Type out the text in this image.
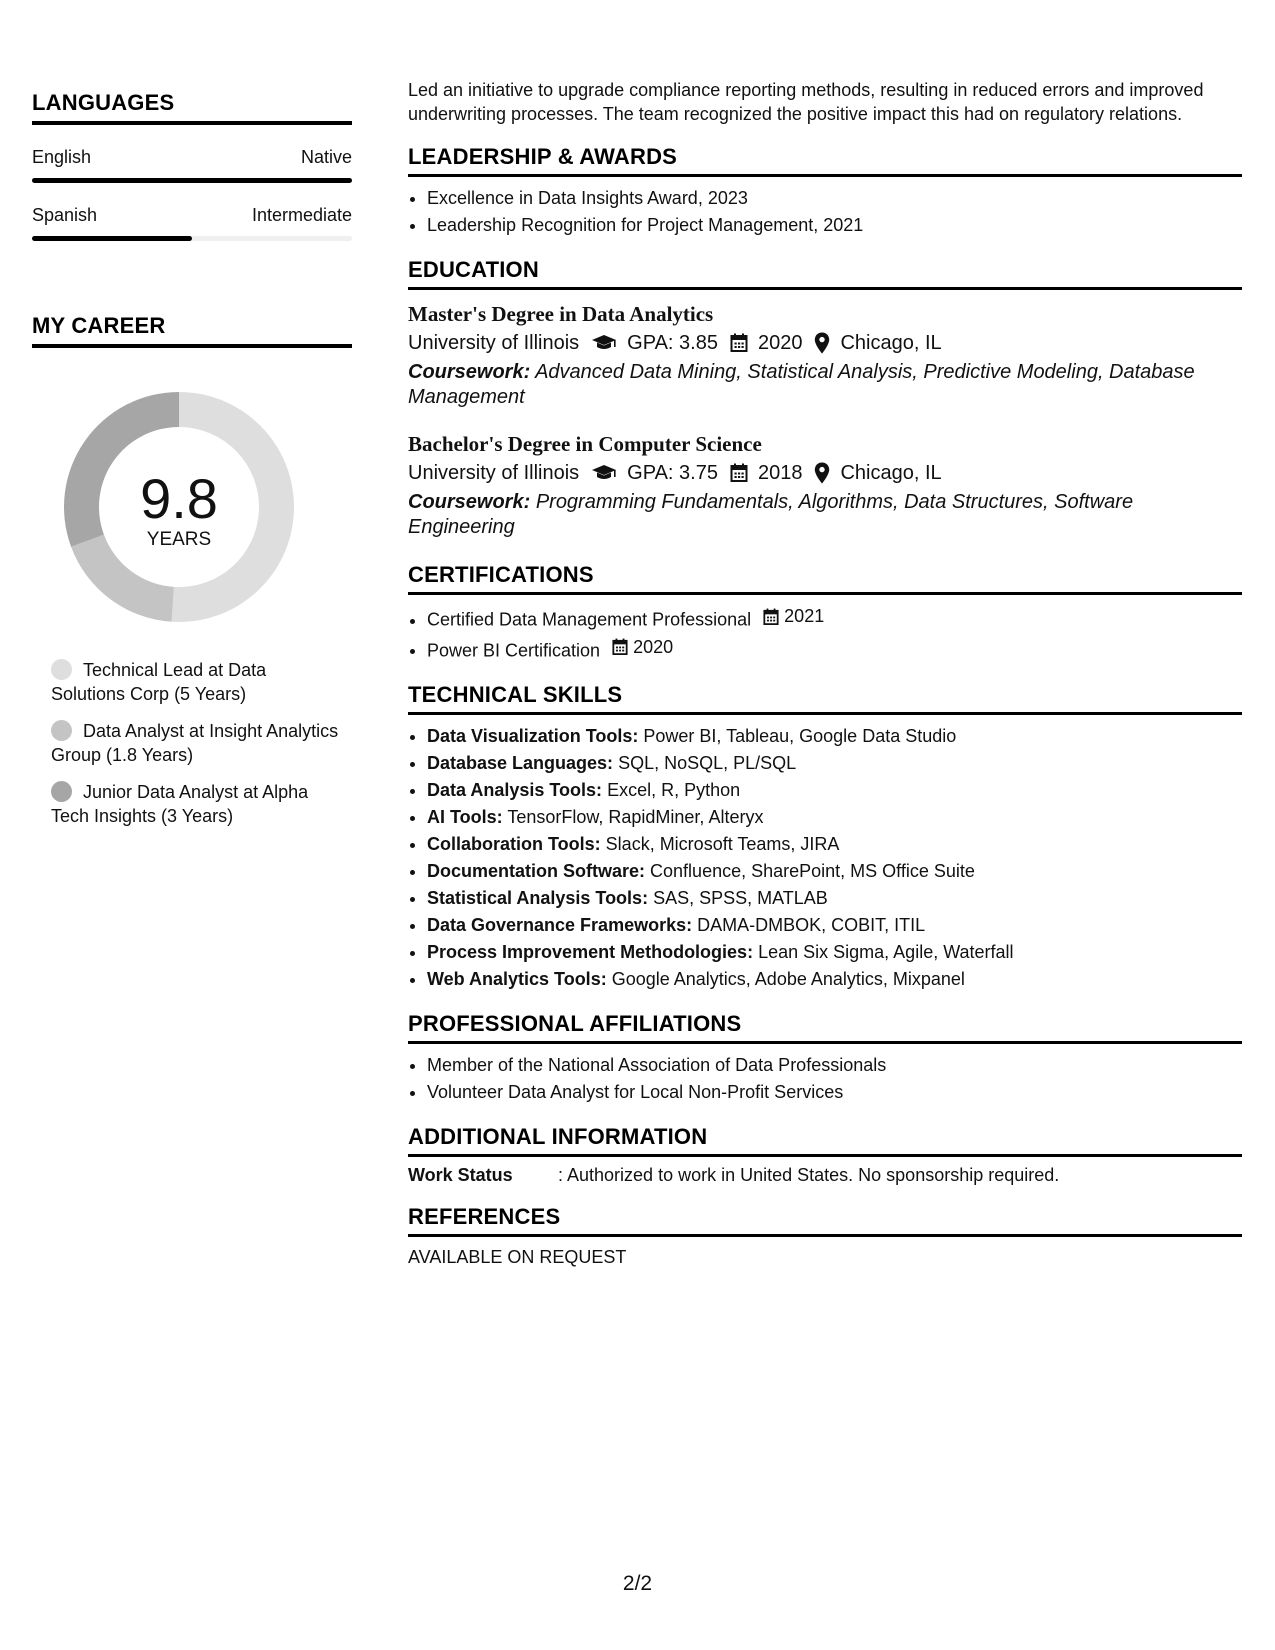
LANGUAGES
English	Native
Spanish	Intermediate
MY CAREER
9.8
YEARS
Technical Lead at Data Solutions Corp (5 Years)
Data Analyst at Insight Analytics Group (1.8 Years)
Junior Data Analyst at Alpha Tech Insights (3 Years)

Led an initiative to upgrade compliance reporting methods, resulting in reduced errors and improved underwriting processes. The team recognized the positive impact this had on regulatory relations.

LEADERSHIP & AWARDS
• Excellence in Data Insights Award, 2023
• Leadership Recognition for Project Management, 2021
EDUCATION
Master's Degree in Data Analytics
University of Illinois GPA: 3.85 2020 Chicago, IL
Coursework: Advanced Data Mining, Statistical Analysis, Predictive Modeling, Database Management
Bachelor's Degree in Computer Science
University of Illinois GPA: 3.75 2018 Chicago, IL
Coursework: Programming Fundamentals, Algorithms, Data Structures, Software Engineering
CERTIFICATIONS
• Certified Data Management Professional 2021
• Power BI Certification 2020
TECHNICAL SKILLS
• Data Visualization Tools: Power BI, Tableau, Google Data Studio
• Database Languages: SQL, NoSQL, PL/SQL
• Data Analysis Tools: Excel, R, Python
• AI Tools: TensorFlow, RapidMiner, Alteryx
• Collaboration Tools: Slack, Microsoft Teams, JIRA
• Documentation Software: Confluence, SharePoint, MS Office Suite
• Statistical Analysis Tools: SAS, SPSS, MATLAB
• Data Governance Frameworks: DAMA-DMBOK, COBIT, ITIL
• Process Improvement Methodologies: Lean Six Sigma, Agile, Waterfall
• Web Analytics Tools: Google Analytics, Adobe Analytics, Mixpanel
PROFESSIONAL AFFILIATIONS
• Member of the National Association of Data Professionals
• Volunteer Data Analyst for Local Non-Profit Services
ADDITIONAL INFORMATION
Work Status	: Authorized to work in United States. No sponsorship required.
REFERENCES
AVAILABLE ON REQUEST
2/2
